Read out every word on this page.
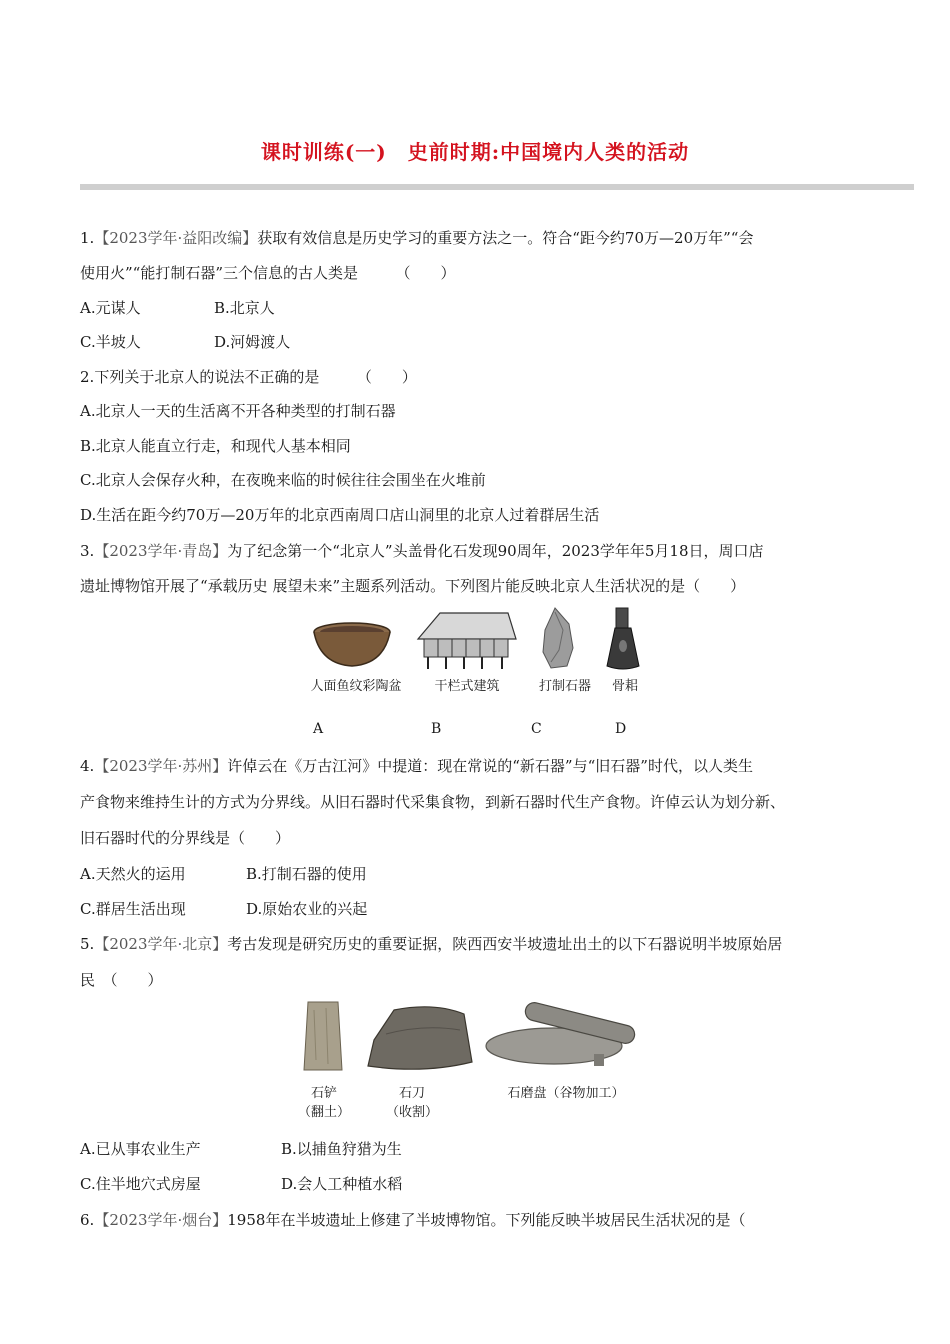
课时训练(一)　史前时期:中国境内人类的活动
1.【2023学年·益阳改编】获取有效信息是历史学习的重要方法之一。符合“距今约70万—20万年”“会
使用火”“能打制石器”三个信息的古人类是　　　	（　　）
A.元谋人	B.北京人
C.半坡人	D.河姆渡人
2.下列关于北京人的说法不正确的是　　　	（　　）
A.北京人一天的生活离不开各种类型的打制石器
B.北京人能直立行走，和现代人基本相同
C.北京人会保存火种，在夜晚来临的时候往往会围坐在火堆前
D.生活在距今约70万—20万年的北京西南周口店山洞里的北京人过着群居生活
3.【2023学年·青岛】为了纪念第一个“北京人”头盖骨化石发现90周年，2023学年年5月18日，周口店
遗址博物馆开展了“承载历史 展望未来”主题系列活动。下列图片能反映北京人生活状况的是（　　）
人面鱼纹彩陶盆	干栏式建筑	打制石器	骨耜
A	B	C	D
4.【2023学年·苏州】许倬云在《万古江河》中提道：现在常说的“新石器”与“旧石器”时代，以人类生
产食物来维持生计的方式为分界线。从旧石器时代采集食物，到新石器时代生产食物。许倬云认为划分新、
旧石器时代的分界线是（　　）
A.天然火的运用	B.打制石器的使用
C.群居生活出现	D.原始农业的兴起
5.【2023学年·北京】考古发现是研究历史的重要证据，陕西西安半坡遗址出土的以下石器说明半坡原始居
民　 （　　）
石铲
（翻土）
石刀
（收割）
石磨盘（谷物加工）
A.已从事农业生产	B.以捕鱼狩猎为生
C.住半地穴式房屋	D.会人工种植水稻
6.【2023学年·烟台】1958年在半坡遗址上修建了半坡博物馆。下列能反映半坡居民生活状况的是（
